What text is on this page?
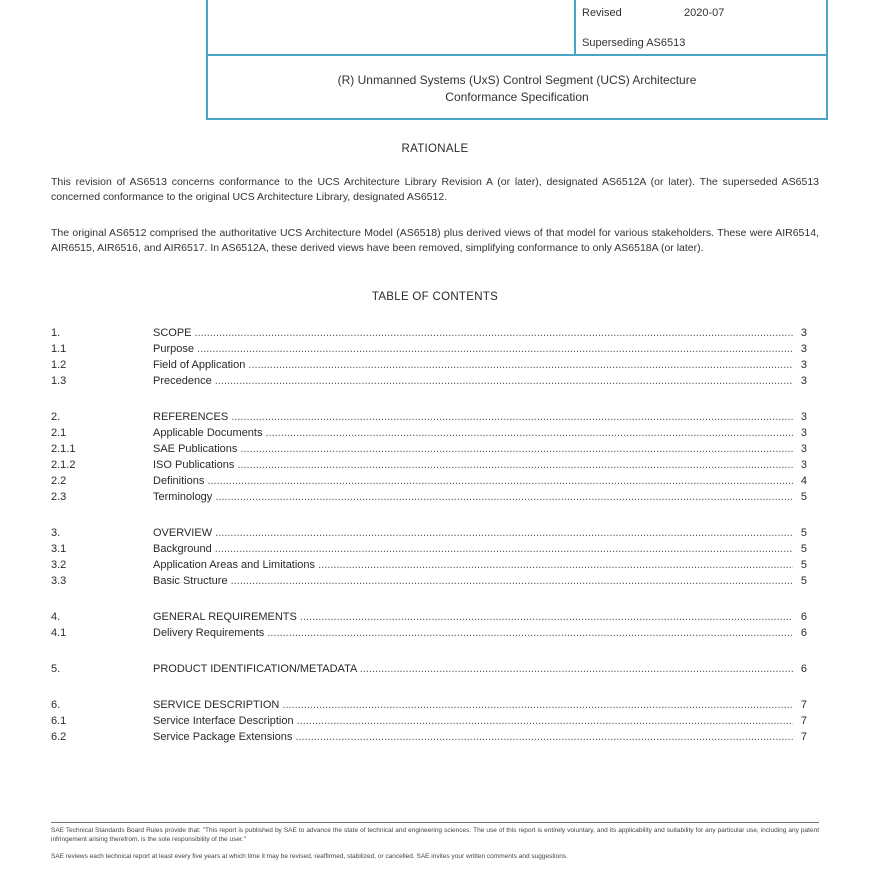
Revised	2020-07
Superseding AS6513
(R) Unmanned Systems (UxS) Control Segment (UCS) Architecture
Conformance Specification
RATIONALE
This revision of AS6513 concerns conformance to the UCS Architecture Library Revision A (or later), designated AS6512A (or later). The superseded AS6513 concerned conformance to the original UCS Architecture Library, designated AS6512.
The original AS6512 comprised the authoritative UCS Architecture Model (AS6518) plus derived views of that model for various stakeholders. These were AIR6514, AIR6515, AIR6516, and AIR6517. In AS6512A, these derived views have been removed, simplifying conformance to only AS6518A (or later).
TABLE OF CONTENTS
1.	SCOPE .....	3
1.1	Purpose .....	3
1.2	Field of Application .....	3
1.3	Precedence .....	3
2.	REFERENCES .....	3
2.1	Applicable Documents .....	3
2.1.1	SAE Publications .....	3
2.1.2	ISO Publications .....	3
2.2	Definitions .....	4
2.3	Terminology .....	5
3.	OVERVIEW .....	5
3.1	Background .....	5
3.2	Application Areas and Limitations .....	5
3.3	Basic Structure .....	5
4.	GENERAL REQUIREMENTS .....	6
4.1	Delivery Requirements .....	6
5.	PRODUCT IDENTIFICATION/METADATA .....	6
6.	SERVICE DESCRIPTION .....	7
6.1	Service Interface Description .....	7
6.2	Service Package Extensions .....	7
SAE Technical Standards Board Rules provide that: "This report is published by SAE to advance the state of technical and engineering sciences. The use of this report is entirely voluntary, and its applicability and suitability for any particular use, including any patent infringement arising therefrom, is the sole responsibility of the user."
SAE reviews each technical report at least every five years at which time it may be revised, reaffirmed, stabilized, or cancelled. SAE invites your written comments and suggestions.
